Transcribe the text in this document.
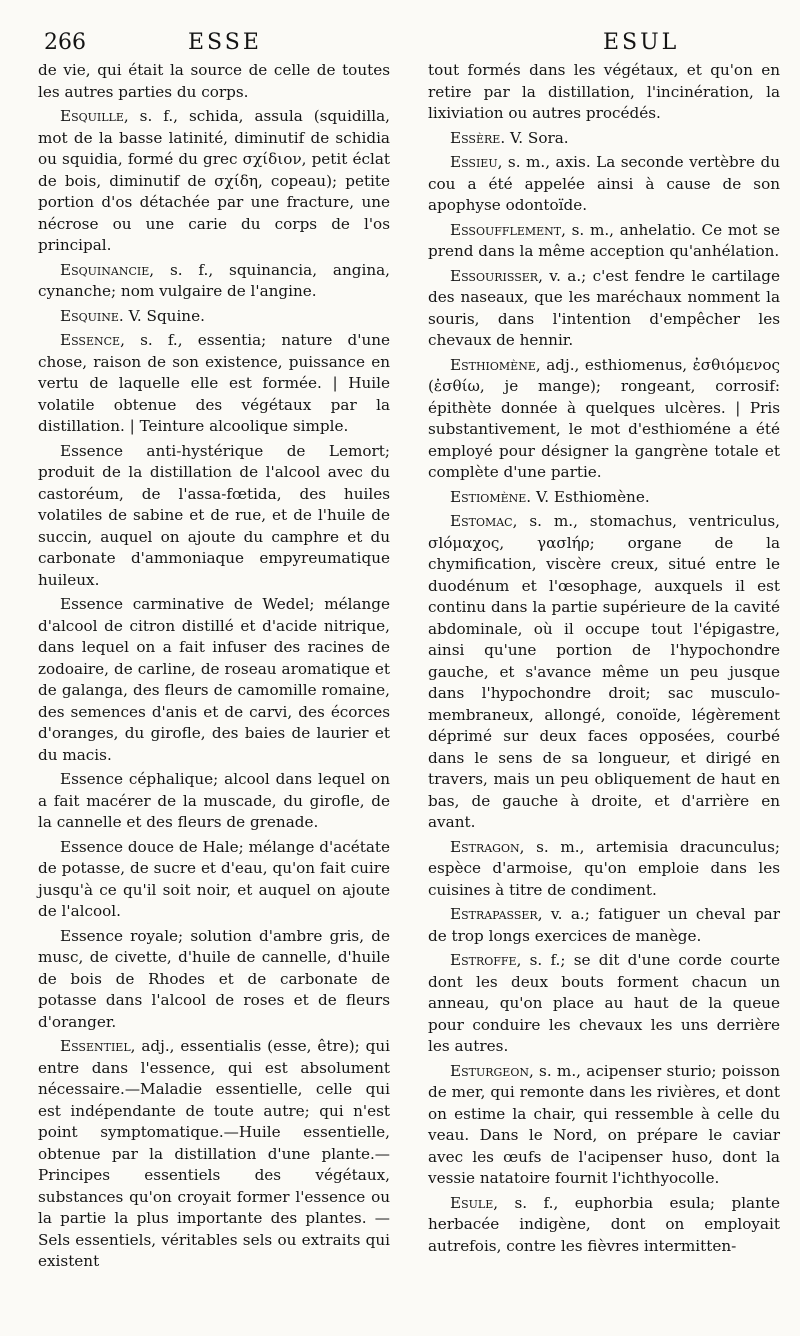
266	ESSE	ESUL

de vie, qui était la source de celle de toutes les autres parties du corps.

Esquille, s. f., schida, assula (squidilla, mot de la basse latinité, diminutif de schidia ou squidia, formé du grec σχίδιον, petit éclat de bois, diminutif de σχίδη, copeau); petite portion d'os détachée par une fracture, une nécrose ou une carie du corps de l'os principal.

Esquinancie, s. f., squinancia, angina, cynanche; nom vulgaire de l'angine.

Esquine. V. Squine.

Essence, s. f., essentia; nature d'une chose, raison de son existence, puissance en vertu de laquelle elle est formée. | Huile volatile obtenue des végétaux par la distillation. | Teinture alcoolique simple.

Essence anti-hystérique de Lemort; produit de la distillation de l'alcool avec du castoréum, de l'assa-fœtida, des huiles volatiles de sabine et de rue, et de l'huile de succin, auquel on ajoute du camphre et du carbonate d'ammoniaque empyreumatique huileux.

Essence carminative de Wedel; mélange d'alcool de citron distillé et d'acide nitrique, dans lequel on a fait infuser des racines de zodoaire, de carline, de roseau aromatique et de galanga, des fleurs de camomille romaine, des semences d'anis et de carvi, des écorces d'oranges, du girofle, des baies de laurier et du macis.

Essence céphalique; alcool dans lequel on a fait macérer de la muscade, du girofle, de la cannelle et des fleurs de grenade.

Essence douce de Hale; mélange d'acétate de potasse, de sucre et d'eau, qu'on fait cuire jusqu'à ce qu'il soit noir, et auquel on ajoute de l'alcool.

Essence royale; solution d'ambre gris, de musc, de civette, d'huile de cannelle, d'huile de bois de Rhodes et de carbonate de potasse dans l'alcool de roses et de fleurs d'oranger.

Essentiel, adj., essentialis (esse, être); qui entre dans l'essence, qui est absolument nécessaire.—Maladie essentielle, celle qui est indépendante de toute autre; qui n'est point symptomatique.—Huile essentielle, obtenue par la distillation d'une plante.—Principes essentiels des végétaux, substances qu'on croyait former l'essence ou la partie la plus importante des plantes. — Sels essentiels, véritables sels ou extraits qui existent

tout formés dans les végétaux, et qu'on en retire par la distillation, l'incinération, la lixiviation ou autres procédés.

Essère. V. Sora.

Essieu, s. m., axis. La seconde vertèbre du cou a été appelée ainsi à cause de son apophyse odontoïde.

Essoufflement, s. m., anhelatio. Ce mot se prend dans la même acception qu'anhélation.

Essourisser, v. a.; c'est fendre le cartilage des naseaux, que les maréchaux nomment la souris, dans l'intention d'empêcher les chevaux de hennir.

Esthiomène, adj., esthiomenus, ἐσθιόμενος (ἐσθίω, je mange); rongeant, corrosif: épithète donnée à quelques ulcères. | Pris substantivement, le mot d'esthioméne a été employé pour désigner la gangrène totale et complète d'une partie.

Estiomène. V. Esthiomène.

Estomac, s. m., stomachus, ventriculus, σlόμαχος, γασlήρ; organe de la chymification, viscère creux, situé entre le duodénum et l'œsophage, auxquels il est continu dans la partie supérieure de la cavité abdominale, où il occupe tout l'épigastre, ainsi qu'une portion de l'hypochondre gauche, et s'avance même un peu jusque dans l'hypochondre droit; sac musculo-membraneux, allongé, conoïde, légèrement déprimé sur deux faces opposées, courbé dans le sens de sa longueur, et dirigé en travers, mais un peu obliquement de haut en bas, de gauche à droite, et d'arrière en avant.

Estragon, s. m., artemisia dracunculus; espèce d'armoise, qu'on emploie dans les cuisines à titre de condiment.

Estrapasser, v. a.; fatiguer un cheval par de trop longs exercices de manège.

Estroffe, s. f.; se dit d'une corde courte dont les deux bouts forment chacun un anneau, qu'on place au haut de la queue pour conduire les chevaux les uns derrière les autres.

Esturgeon, s. m., acipenser sturio; poisson de mer, qui remonte dans les rivières, et dont on estime la chair, qui ressemble à celle du veau. Dans le Nord, on prépare le caviar avec les œufs de l'acipenser huso, dont la vessie natatoire fournit l'ichthyocolle.

Esule, s. f., euphorbia esula; plante herbacée indigène, dont on employait autrefois, contre les fièvres intermitten-
